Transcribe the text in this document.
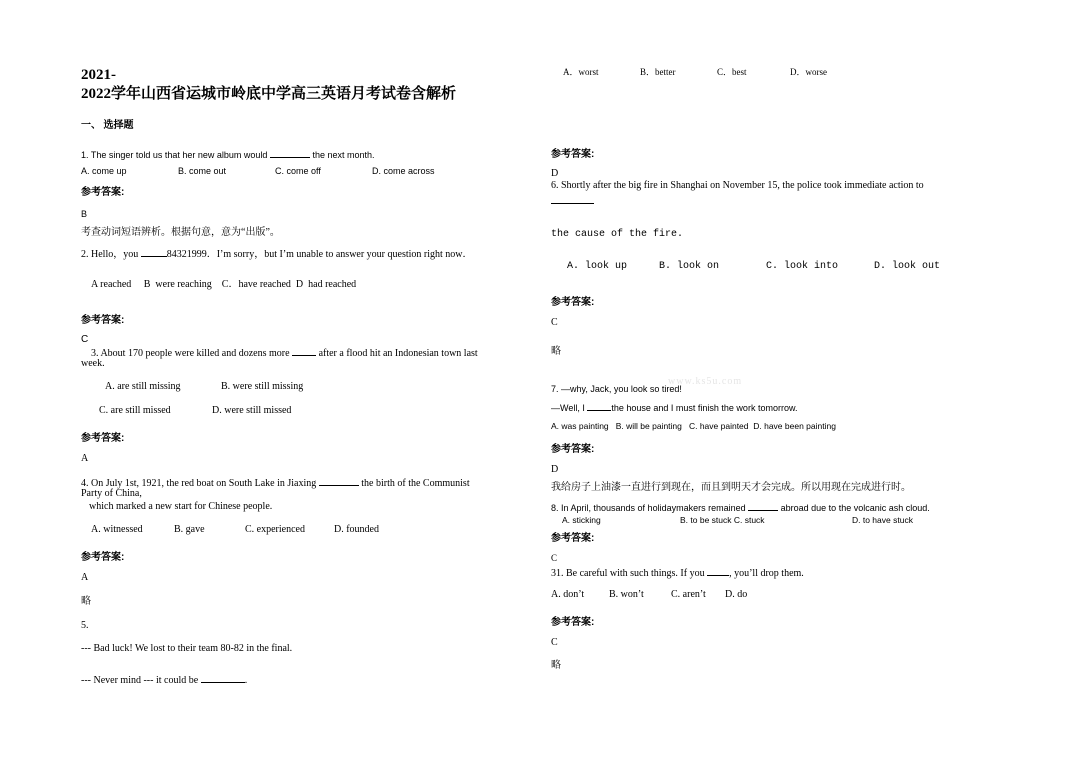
2021-
2022学年山西省运城市岭底中学高三英语月考试卷含解析
一、 选择题
1. The singer told us that her new album would	the next month.
A. come up	B. come out	C. come off	D. come across
参考答案:
B
考查动词短语辨析。根据句意，意为“出版”。
2. Hello，you	84321999．I’m sorry，but I’m unable to answer your question right now．
A reached     B  were reaching    C．have reached  D  had reached
参考答案:
C
3. About 170 people were killed and dozens more	after a flood hit an Indonesian town last
week.
A. are still missing	B. were still missing
C. are still missed	D. were still missed
参考答案:
A
4. On July 1st, 1921, the red boat on South Lake in Jiaxing	the birth of the Communist
Party of China,
which marked a new start for Chinese people.
A. witnessed	B. gave	C. experienced	D. founded
参考答案:
A
略
5.
--- Bad luck! We lost to their team 80-82 in the final.
--- Never mind --- it could be	.
A．worst	B．better	C．best	D．worse
参考答案:
D
6. Shortly after the big fire in Shanghai on November 15, the police took immediate action to
the cause of the fire.
A. look up	B. look on	C. look into	D. look out
参考答案:
C
略
www.ks5u.com
7. —why, Jack, you look so tired!
—Well, I	the house and I must finish the work tomorrow.
A. was painting   B. will be painting   C. have painted  D. have been painting
参考答案:
D
我给房子上油漆一直进行到现在，而且到明天才会完成。所以用现在完成进行时。
8. In April, thousands of holidaymakers remained	abroad due to the volcanic ash cloud.
A. sticking	B. to be stuck C. stuck	D. to have stuck
参考答案:
C
31. Be careful with such things. If you , you’ll drop them.
A. don’t B. won’t	C. aren’t D. do
参考答案:
C
略
